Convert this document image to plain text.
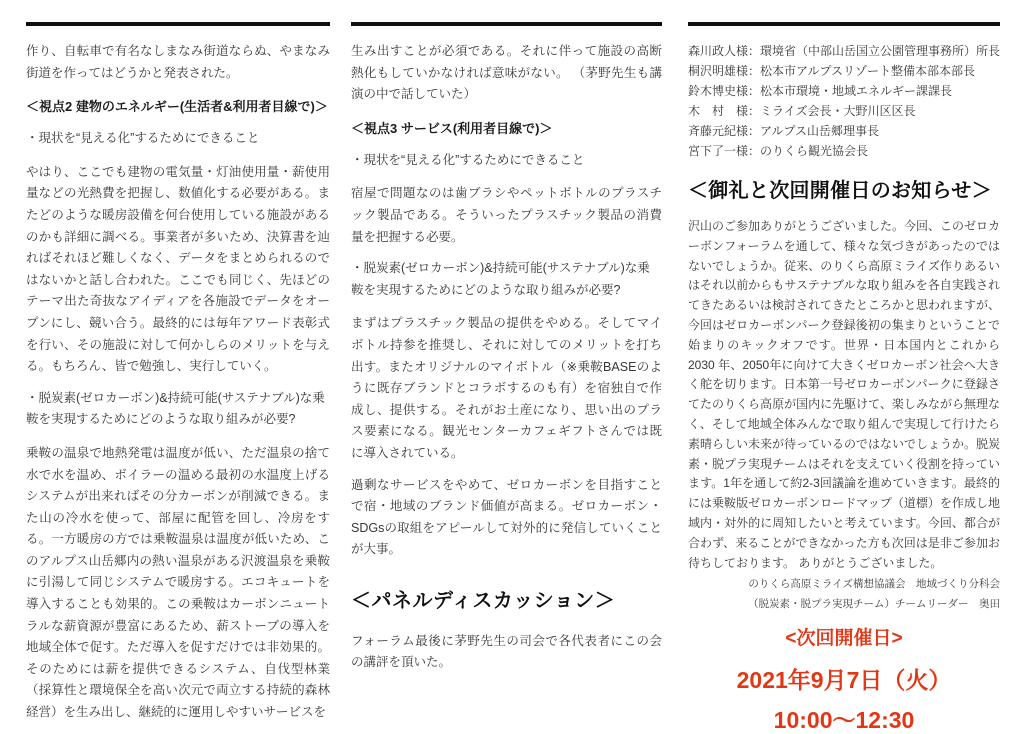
作り、自転車で有名なしまなみ街道ならぬ、やまなみ街道を作ってはどうかと発表された。

＜視点2 建物のエネルギー(生活者&利用者目線で)＞

・現状を“見える化”するためにできること

やはり、ここでも建物の電気量・灯油使用量・薪使用量などの光熱費を把握し、数値化する必要がある。またどのような暖房設備を何台使用している施設があるのかも詳細に調べる。事業者が多いため、決算書を辿ればそれほど難しくなく、データをまとめられるのではないかと話し合われた。ここでも同じく、先ほどのテーマ出た奇抜なアイディアを各施設でデータをオープンにし、競い合う。最終的には毎年アワード表彰式を行い、その施設に対して何かしらのメリットを与える。もちろん、皆で勉強し、実行していく。

・脱炭素(ゼロカーボン)&持続可能(サステナブル)な乗鞍を実現するためにどのような取り組みが必要?

乗鞍の温泉で地熱発電は温度が低い、ただ温泉の捨て水で水を温め、ボイラーの温める最初の水温度上げるシステムが出来ればその分カーボンが削減できる。また山の冷水を使って、部屋に配管を回し、冷房をする。一方暖房の方では乗鞍温泉は温度が低いため、このアルプス山岳郷内の熱い温泉がある沢渡温泉を乗鞍に引湯して同じシステムで暖房する。エコキュートを導入することも効果的。この乗鞍はカーボンニュートラルな薪資源が豊富にあるため、薪ストーブの導入を地域全体で促す。ただ導入を促すだけでは非効果的。そのためには薪を提供できるシステム、自伐型林業（採算性と環境保全を高い次元で両立する持続的森林経営）を生み出し、継続的に運用しやすいサービスを

生み出すことが必須である。それに伴って施設の高断熱化もしていかなければ意味がない。 （茅野先生も講演の中で話していた）

＜視点3 サービス(利用者目線で)＞

・現状を“見える化”するためにできること

宿屋で問題なのは歯ブラシやペットボトルのプラスチック製品である。そういったプラスチック製品の消費量を把握する必要。

・脱炭素(ゼロカーボン)&持続可能(サステナブル)な乗鞍を実現するためにどのような取り組みが必要?

まずはプラスチック製品の提供をやめる。そしてマイボトル持参を推奨し、それに対してのメリットを打ち出す。またオリジナルのマイボトル（※乗鞍BASEのように既存ブランドとコラボするのも有）を宿独自で作成し、提供する。それがお土産になり、思い出のプラス要素になる。観光センターカフェギフトさんでは既に導入されている。

過剰なサービスをやめて、ゼロカーボンを目指すことで宿・地域のブランド価値が高まる。ゼロカーボン・SDGsの取組をアピールして対外的に発信していくことが大事。

＜パネルディスカッション＞

フォーラム最後に茅野先生の司会で各代表者にこの会の講評を頂いた。

森川政人様：環境省（中部山岳国立公園管理事務所）所長
桐沢明雄様：松本市アルプスリゾート整備本部本部長
鈴木博史様：松本市環境・地域エネルギー課課長
木　村　様：ミライズ会長・大野川区区長
斉藤元紀様：アルプス山岳郷理事長
宮下了一様：のりくら観光協会長
＜御礼と次回開催日のお知らせ＞

沢山のご参加ありがとうございました。今回、このゼロカーボンフォーラムを通して、様々な気づきがあったのではないでしょうか。従来、のりくら高原ミライズ作りあるいはそれ以前からもサステナブルな取り組みを各自実践されてきたあるいは検討されてきたところかと思われますが、今回はゼロカーボンパーク登録後初の集まりということで始まりのキックオフです。世界・日本国内とこれから2030 年、2050年に向けて大きくゼロカーボン社会へ大きく舵を切ります。日本第一号ゼロカーボンパークに登録さてたのりくら高原が国内に先駆けて、楽しみながら無理なく、そして地域全体みんなで取り組んで実現して行けたら素晴らしい未来が待っているのではないでしょうか。脱炭素・脱プラ実現チームはそれを支えていく役割を持っています。1年を通して約2-3回議論を進めていきます。最終的には乗鞍版ゼロカーボンロードマップ（道標）を作成し地域内・対外的に周知したいと考えています。今回、都合が合わず、来ることができなかった方も次回は是非ご参加お待ちしております。 ありがとうございました。

のりくら高原ミライズ構想協議会　地域づくり分科会
（脱炭素・脱プラ実現チーム）チームリーダー　奥田
<次回開催日>
2021年9月7日（火）
10:00～12:30
